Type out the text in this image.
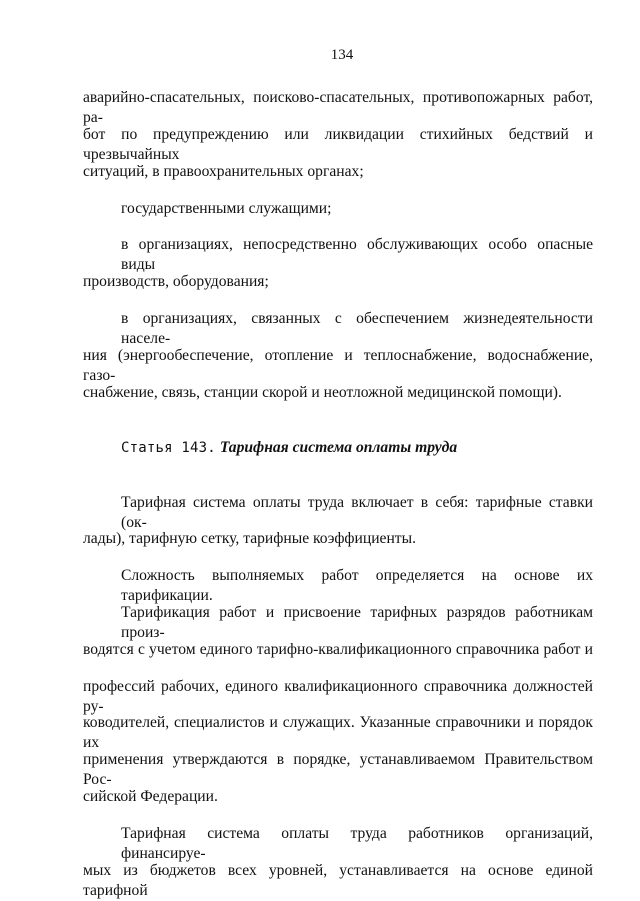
134
аварийно-спасательных, поисково-спасательных, противопожарных работ, ра-
бот по предупреждению или ликвидации стихийных бедствий и чрезвычайных
ситуаций, в правоохранительных органах;
государственными служащими;
в организациях, непосредственно обслуживающих особо опасные виды
производств, оборудования;
в организациях, связанных с обеспечением жизнедеятельности населе-
ния (энергообеспечение, отопление и теплоснабжение, водоснабжение, газо-
снабжение, связь, станции скорой и неотложной медицинской помощи).
Статья 143. Тарифная система оплаты труда
Тарифная система оплаты труда включает в себя: тарифные ставки (ок-
лады), тарифную сетку, тарифные коэффициенты.
Сложность выполняемых работ определяется на основе их тарификации.
Тарификация работ и присвоение тарифных разрядов работникам произ-
водятся с учетом единого тарифно-квалификационного справочника работ и
профессий рабочих, единого квалификационного справочника должностей ру-
ководителей, специалистов и служащих. Указанные справочники и порядок их
применения утверждаются в порядке, устанавливаемом Правительством Рос-
сийской Федерации.
Тарифная система оплаты труда работников организаций, финансируе-
мых из бюджетов всех уровней, устанавливается на основе единой тарифной
